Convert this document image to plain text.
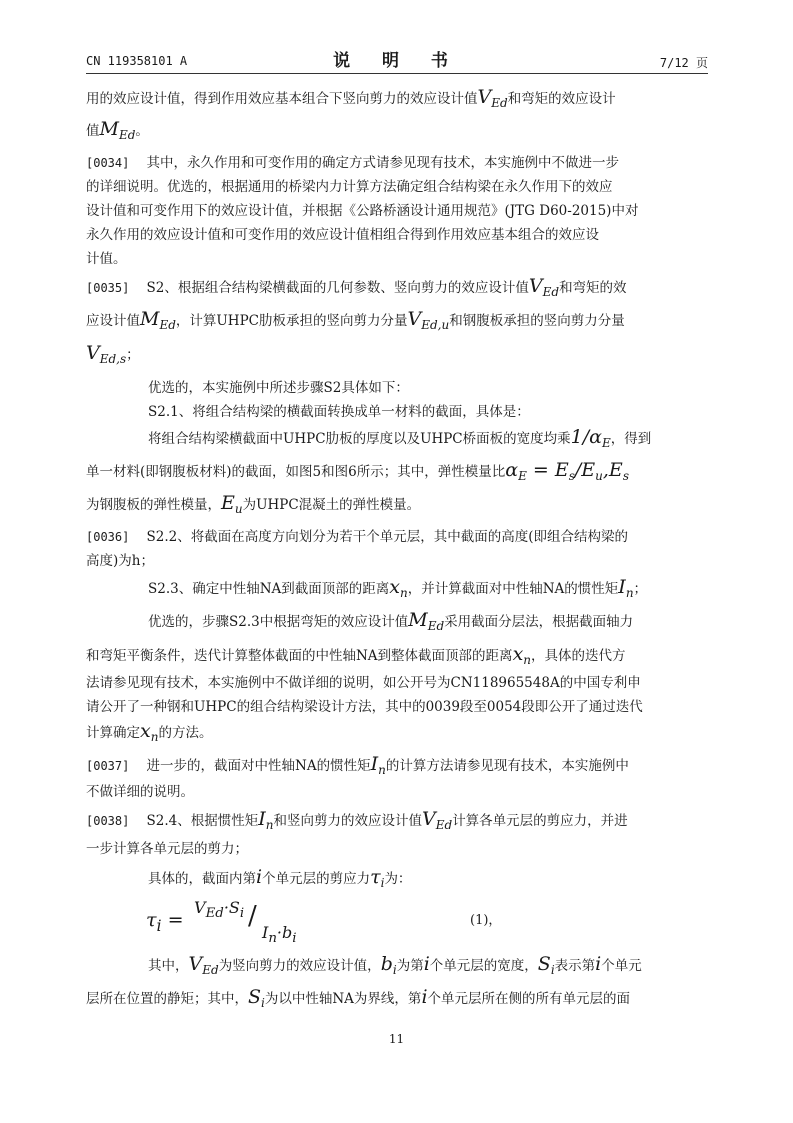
CN 119358101 A	说 明 书	7/12 页
用的效应设计值，得到作用效应基本组合下竖向剪力的效应设计值$V_{Ed}$和弯矩的效应设计
值$M_{Ed}$。
[0034] 其中，永久作用和可变作用的确定方式请参见现有技术，本实施例中不做进一步
的详细说明。优选的，根据通用的桥梁内力计算方法确定组合结构梁在永久作用下的效应
设计值和可变作用下的效应设计值，并根据《公路桥涵设计通用规范》(JTG D60-2015)中对
永久作用的效应设计值和可变作用的效应设计值相组合得到作用效应基本组合的效应设
计值。
[0035] S2、根据组合结构梁横截面的几何参数、竖向剪力的效应设计值$V_{Ed}$和弯矩的效
应设计值$M_{Ed}$，计算UHPC肋板承担的竖向剪力分量$V_{Ed,u}$和钢腹板承担的竖向剪力分量
$V_{Ed,s}$；
优选的，本实施例中所述步骤S2具体如下：
S2.1、将组合结构梁的横截面转换成单一材料的截面，具体是：
将组合结构梁横截面中UHPC肋板的厚度以及UHPC桥面板的宽度均乘$1/\alpha_E$，得到
单一材料(即钢腹板材料)的截面，如图5和图6所示；其中，弹性模量比$\alpha_E = E_s/E_u,E_s$
为钢腹板的弹性模量，$E_u$为UHPC混凝土的弹性模量。
[0036] S2.2、将截面在高度方向划分为若干个单元层，其中截面的高度(即组合结构梁的
高度)为h；
S2.3、确定中性轴NA到截面顶部的距离$x_n$，并计算截面对中性轴NA的惯性矩$I_n$；
优选的，步骤S2.3中根据弯矩的效应设计值$M_{Ed}$采用截面分层法，根据截面轴力
和弯矩平衡条件，迭代计算整体截面的中性轴NA到整体截面顶部的距离$x_n$，具体的迭代方
法请参见现有技术，本实施例中不做详细的说明，如公开号为CN118965548A的中国专利申
请公开了一种钢和UHPC的组合结构梁设计方法，其中的0039段至0054段即公开了通过迭代
计算确定$x_n$的方法。
[0037] 进一步的，截面对中性轴NA的惯性矩$I_n$的计算方法请参见现有技术，本实施例中
不做详细的说明。
[0038] S2.4、根据惯性矩$I_n$和竖向剪力的效应设计值$V_{Ed}$计算各单元层的剪应力，并进
一步计算各单元层的剪力；
具体的，截面内第i个单元层的剪应力$\tau_i$为：
$\tau_i$ =
$V_{Ed}\cdot S_i$ /
$I_n\cdot b_i$
(1)，
其中，$V_{Ed}$为竖向剪力的效应设计值，$b_i$为第i个单元层的宽度，$S_i$表示第i个单元
层所在位置的静矩；其中，$S_i$为以中性轴NA为界线，第i个单元层所在侧的所有单元层的面
11
